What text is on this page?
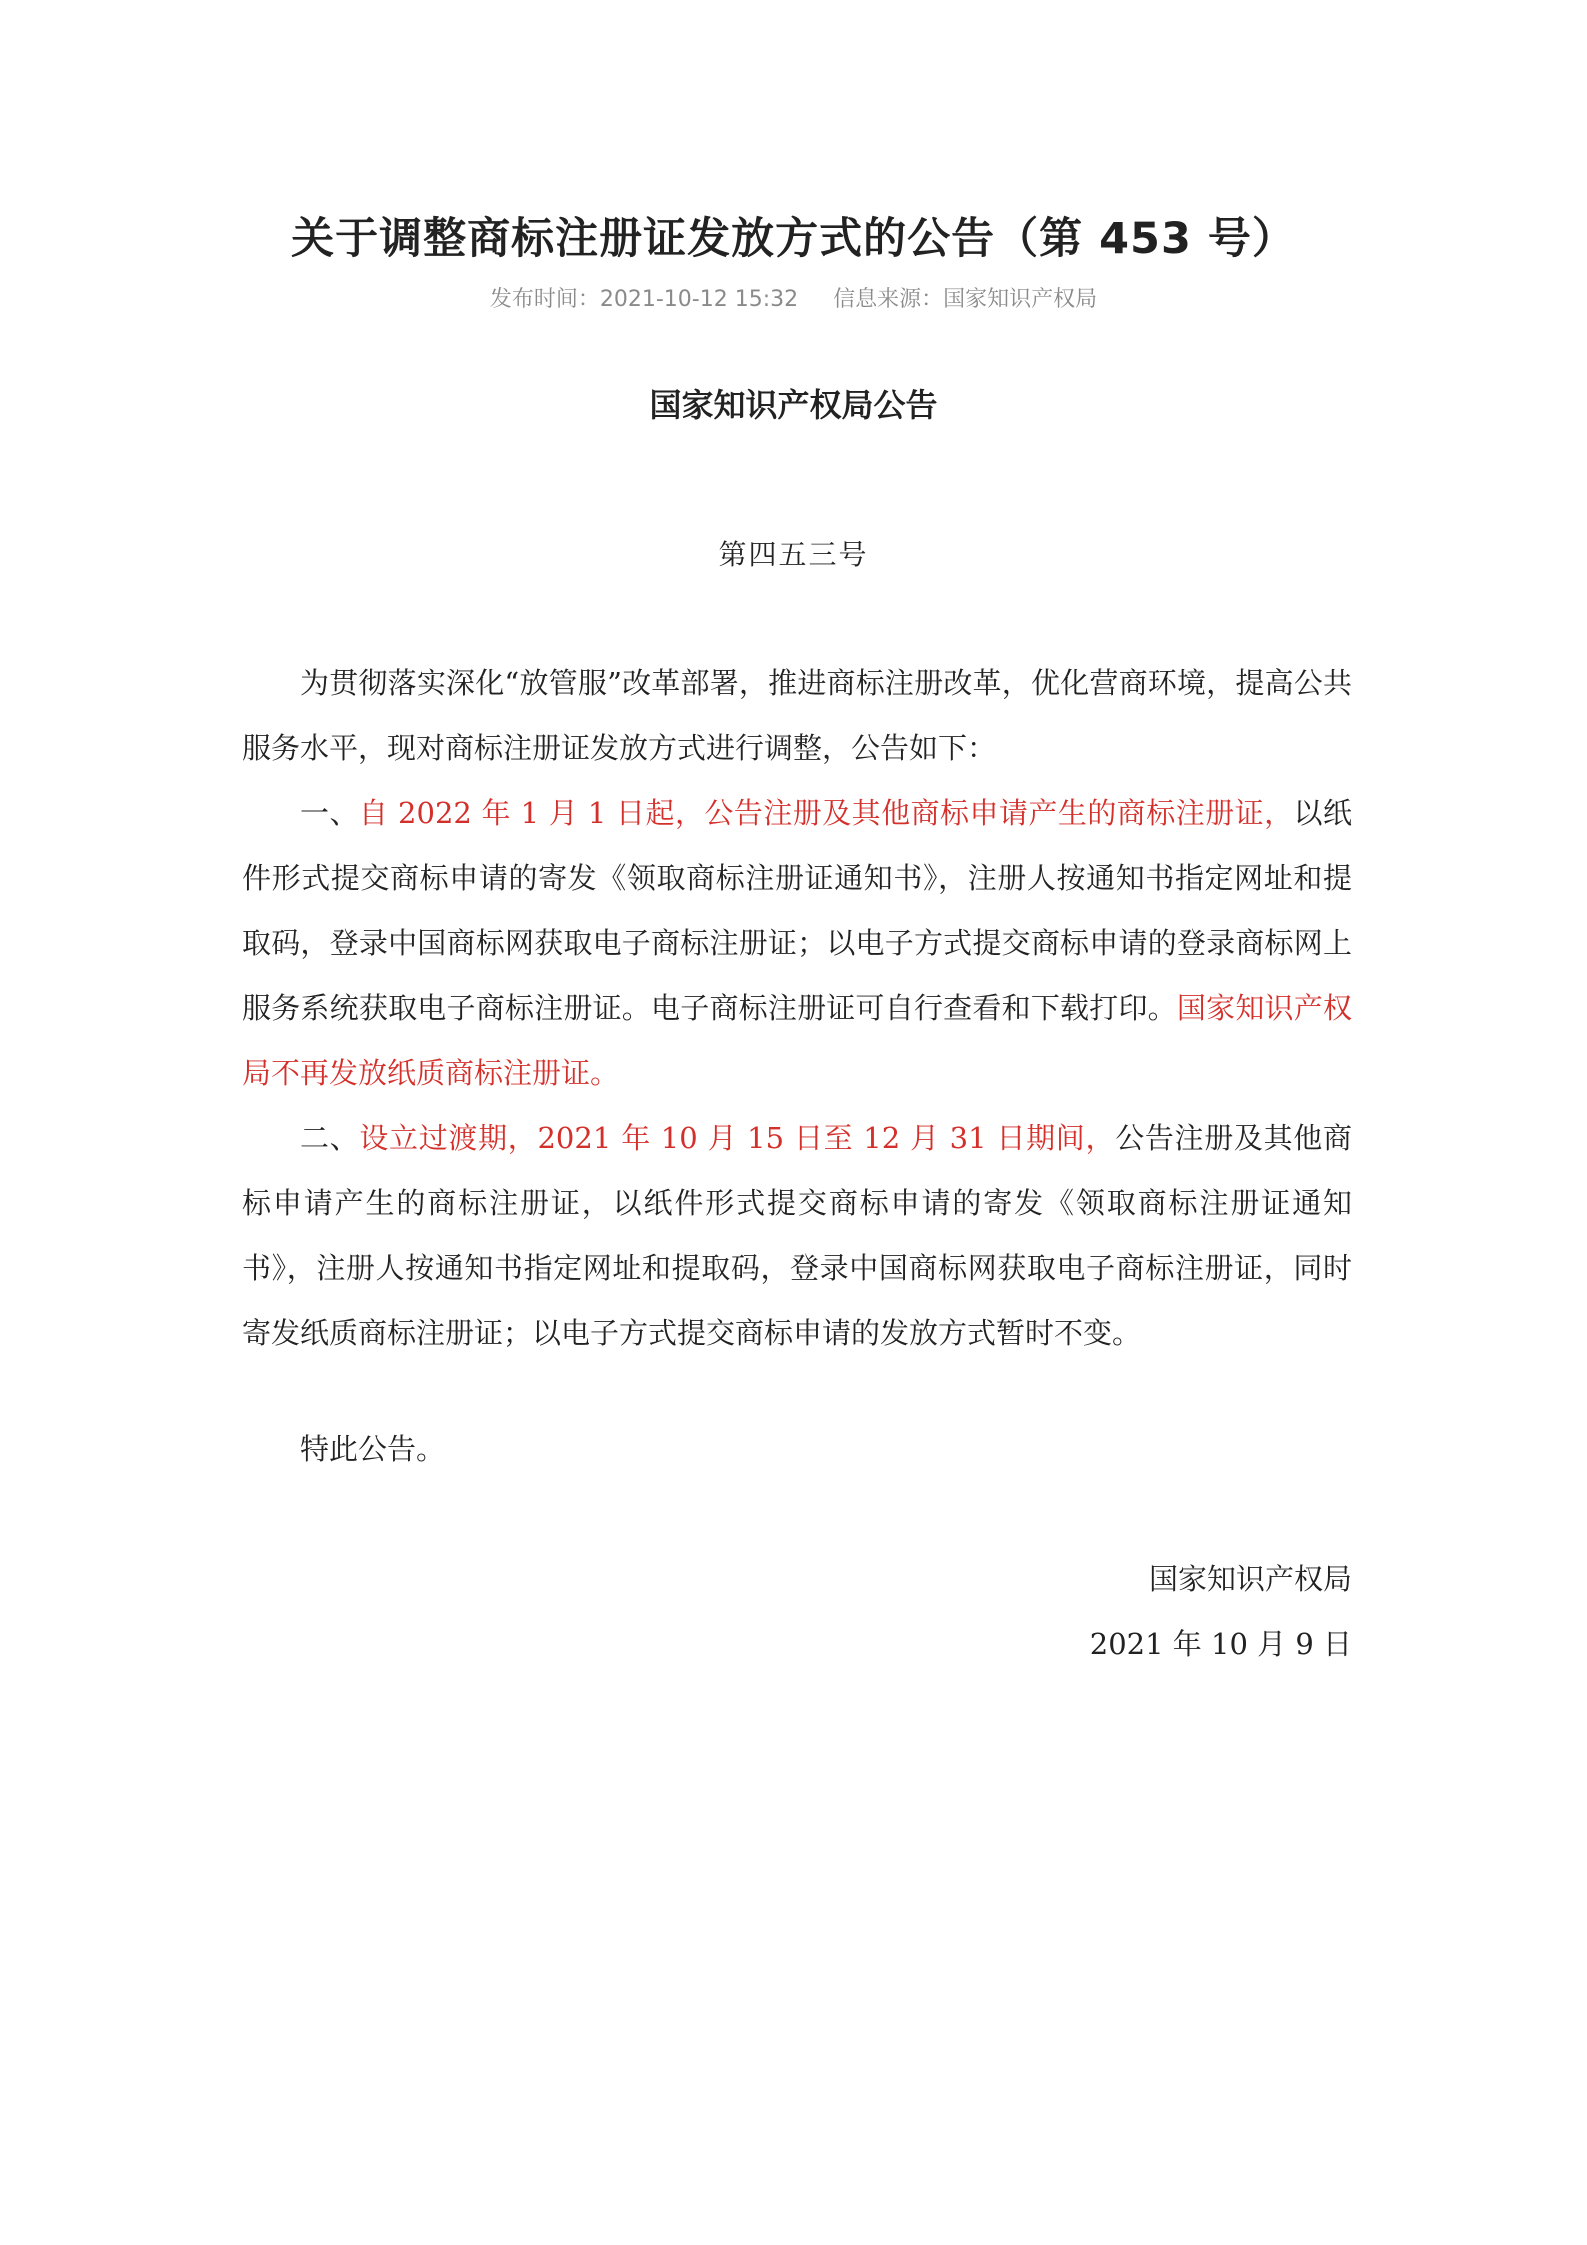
关于调整商标注册证发放方式的公告（第 453 号）
发布时间：2021-10-12 15:32 信息来源：国家知识产权局
国家知识产权局公告
第四五三号

为贯彻落实深化“放管服”改革部署，推进商标注册改革，优化营商环境，提高公共服务水平，现对商标注册证发放方式进行调整，公告如下：

一、自 2022 年 1 月 1 日起，公告注册及其他商标申请产生的商标注册证，以纸件形式提交商标申请的寄发《领取商标注册证通知书》，注册人按通知书指定网址和提取码，登录中国商标网获取电子商标注册证；以电子方式提交商标申请的登录商标网上服务系统获取电子商标注册证。电子商标注册证可自行查看和下载打印。国家知识产权局不再发放纸质商标注册证。

二、设立过渡期，2021 年 10 月 15 日至 12 月 31 日期间，公告注册及其他商标申请产生的商标注册证，以纸件形式提交商标申请的寄发《领取商标注册证通知书》，注册人按通知书指定网址和提取码，登录中国商标网获取电子商标注册证，同时寄发纸质商标注册证；以电子方式提交商标申请的发放方式暂时不变。

特此公告。
国家知识产权局
2021 年 10 月 9 日
